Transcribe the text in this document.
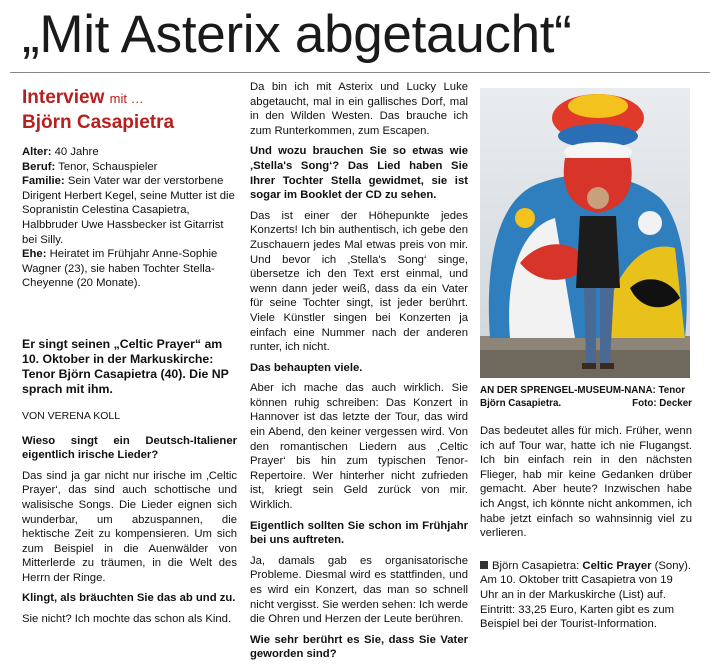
„Mit Asterix abgetaucht“
Interview mit …
Björn Casapietra

Alter: 40 Jahre

Beruf: Tenor, Schauspieler

Familie: Sein Vater war der verstorbene Dirigent Herbert Kegel, seine Mutter ist die Sopranistin Celestina Casapietra, Halbbruder Uwe Hassbecker ist Gitarrist bei Silly.

Ehe: Heiratet im Frühjahr Anne-Sophie Wagner (23), sie haben Tochter Stella-Cheyenne (20 Monate).

Er singt seinen „Celtic Prayer“ am 10. Oktober in der Markuskirche: Tenor Björn Casapietra (40). Die NP sprach mit ihm.

VON VERENA KOLL

Wieso singt ein Deutsch-Italiener eigentlich irische Lieder?

Das sind ja gar nicht nur irische im ‚Celtic Prayer‘, das sind auch schottische und walisische Songs. Die Lieder eignen sich wunderbar, um abzuspannen, die hektische Zeit zu kompensieren. Um sich zum Beispiel in die Auenwälder von Mitterlerde zu träumen, in die Welt des Herrn der Ringe.

Klingt, als bräuchten Sie das ab und zu.

Sie nicht? Ich mochte das schon als Kind.

Da bin ich mit Asterix und Lucky Luke abgetaucht, mal in ein gallisches Dorf, mal in den Wilden Westen. Das brauche ich zum Runterkommen, zum Escapen.

Und wozu brauchen Sie so etwas wie ‚Stella's Song‘? Das Lied haben Sie Ihrer Tochter Stella gewidmet, sie ist sogar im Booklet der CD zu sehen.

Das ist einer der Höhepunkte jedes Konzerts! Ich bin authentisch, ich gebe den Zuschauern jedes Mal etwas preis von mir. Und bevor ich ‚Stella's Song‘ singe, übersetze ich den Text erst einmal, und wenn dann jeder weiß, dass da ein Vater für seine Tochter singt, ist jeder berührt. Viele Künstler singen bei Konzerten ja einfach eine Nummer nach der anderen runter, ich nicht.

Das behaupten viele.

Aber ich mache das auch wirklich. Sie können ruhig schreiben: Das Konzert in Hannover ist das letzte der Tour, das wird ein Abend, den keiner vergessen wird. Von den romantischen Liedern aus ‚Celtic Prayer‘ bis hin zum typischen Tenor-Repertoire. Wer hinterher nicht zufrieden ist, kriegt sein Geld zurück von mir. Wirklich.

Eigentlich sollten Sie schon im Frühjahr bei uns auftreten.

Ja, damals gab es organisatorische Probleme. Diesmal wird es stattfinden, und es wird ein Konzert, das man so schnell nicht vergisst. Sie werden sehen: Ich werde die Ohren und Herzen der Leute berühren.

Wie sehr berührt es Sie, dass Sie Vater geworden sind?

AN DER SPRENGEL-MUSEUM-NANA: Tenor Björn Casapietra.	Foto: Decker

Das bedeutet alles für mich. Früher, wenn ich auf Tour war, hatte ich nie Flugangst. Ich bin einfach rein in den nächsten Flieger, hab mir keine Gedanken drüber gemacht. Aber heute? Inzwischen habe ich Angst, ich könnte nicht ankommen, ich habe jetzt einfach so wahnsinnig viel zu verlieren.

Björn Casapietra: Celtic Prayer (Sony). Am 10. Oktober tritt Casapietra von 19 Uhr an in der Markuskirche (List) auf. Eintritt: 33,25 Euro, Karten gibt es zum Beispiel bei der Tourist-Information.
